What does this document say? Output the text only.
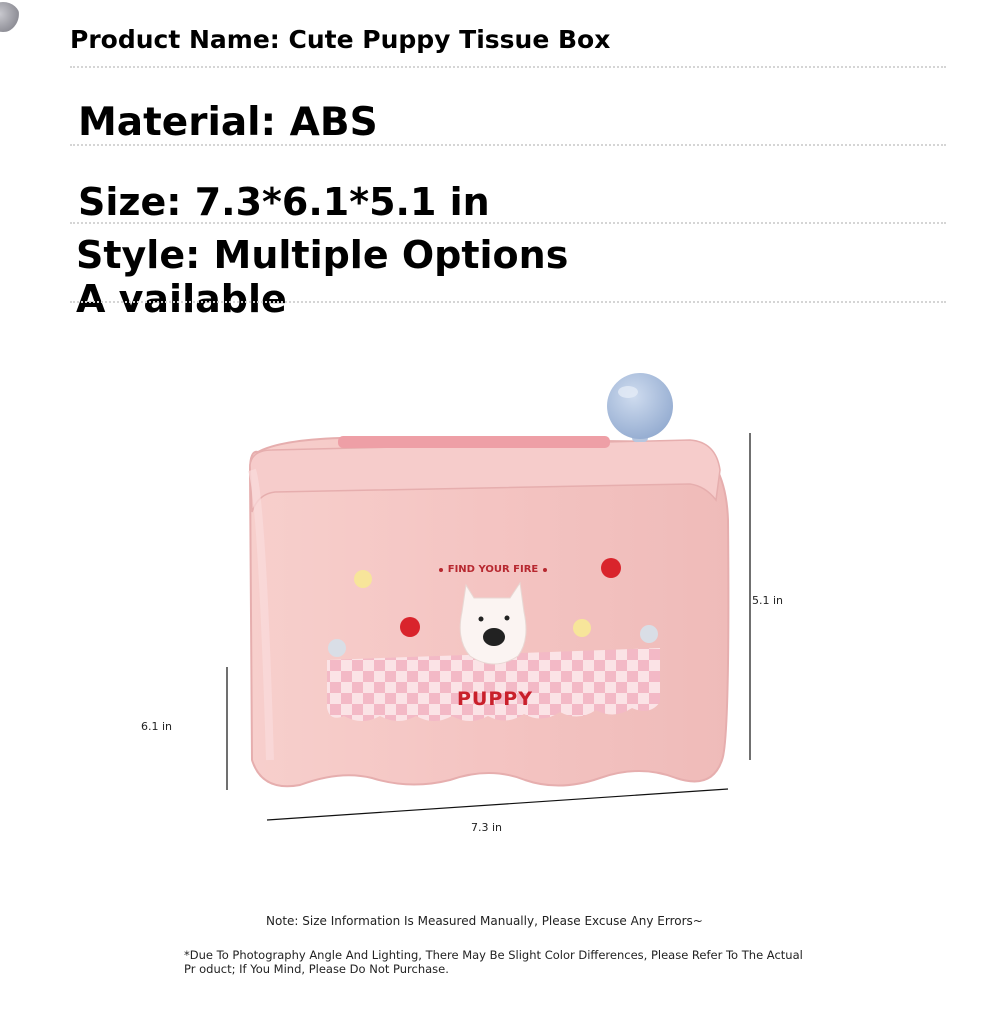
Product Name: Cute Puppy Tissue Box
Material: ABS
Size: 7.3*6.1*5.1 in
Style: Multiple Options A vailable
FIND YOUR FIRE
PUPPY
5.1 in
6.1 in
7.3 in
Note: Size Information Is Measured Manually, Please Excuse Any Errors~
*Due To Photography Angle And Lighting, There May Be Slight Color Differences, Please Refer To The Actual Pr oduct; If You Mind, Please Do Not Purchase.
